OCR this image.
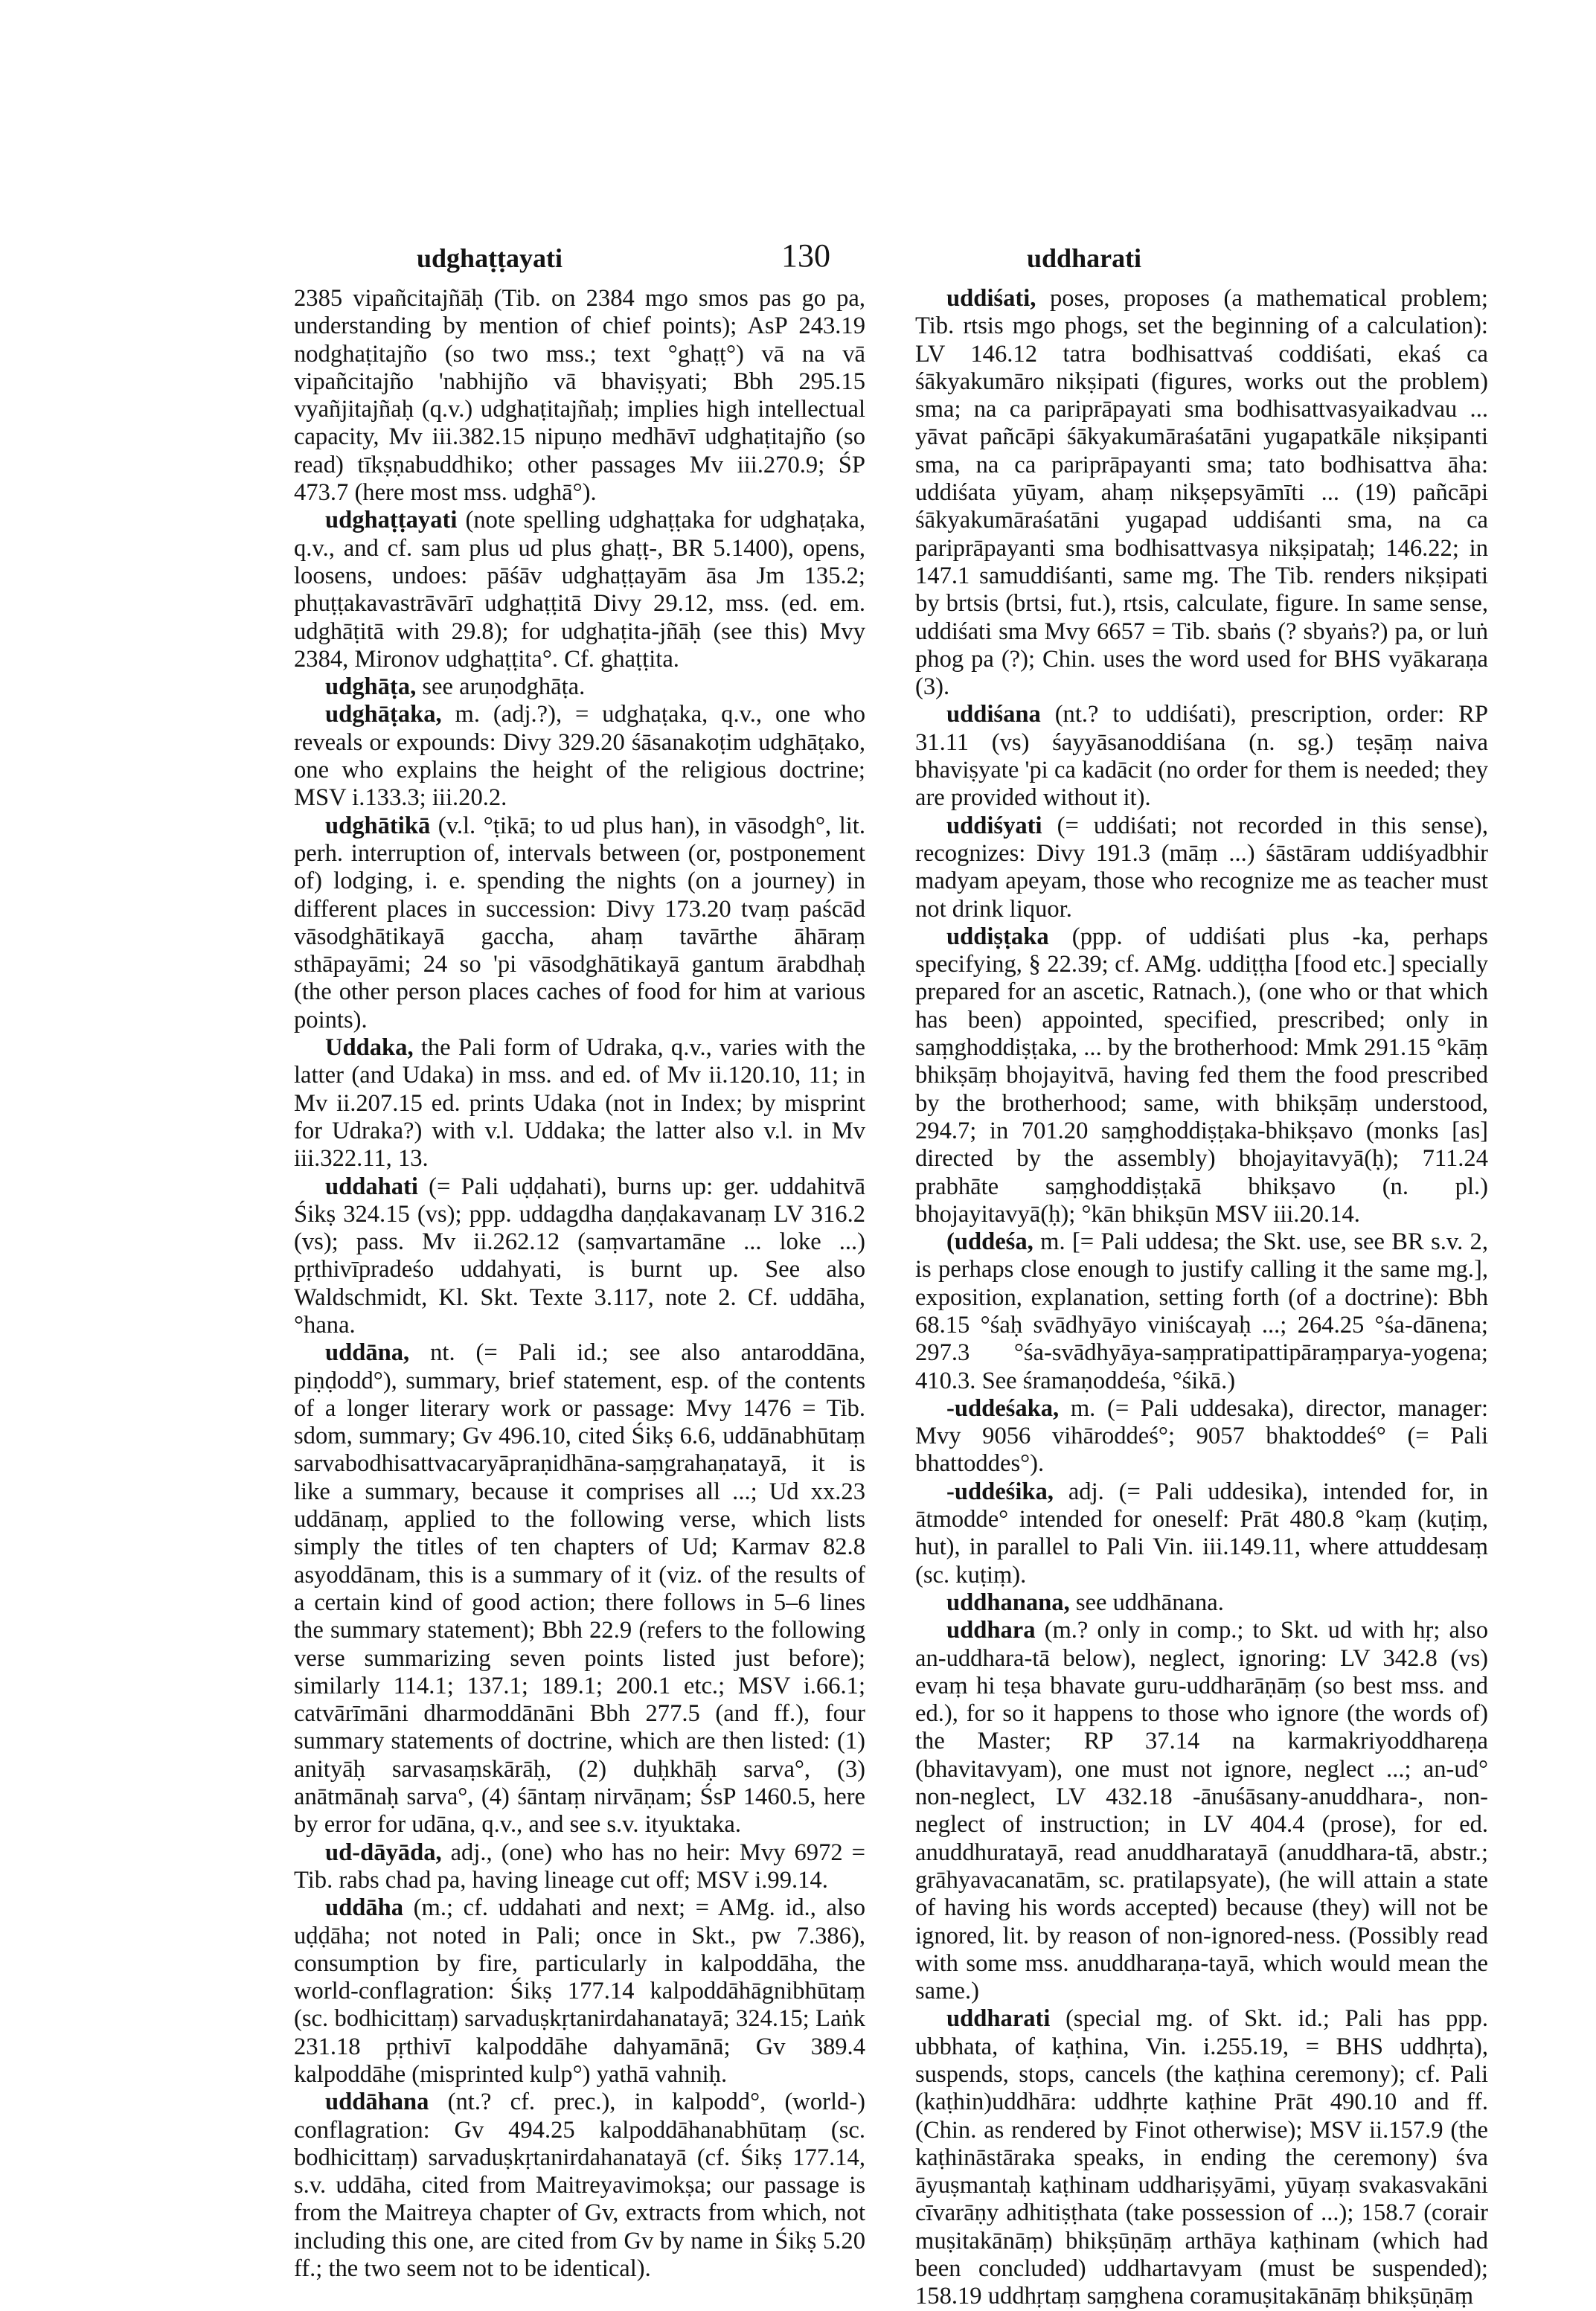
udghaṭṭayati	130	uddharati

2385 vipañcitajñāḥ (Tib. on 2384 mgo smos pas go pa, understanding by mention of chief points); AsP 243.19 nodghaṭitajño (so two mss.; text °ghaṭṭ°) vā na vā vipañcitajño 'nabhijño vā bhaviṣyati; Bbh 295.15 vyañjitajñaḥ (q.v.) udghaṭitajñaḥ; implies high intellectual capacity, Mv iii.382.15 nipuṇo medhāvī udghaṭitajño (so read) tīkṣṇabuddhiko; other passages Mv iii.270.9; ŚP 473.7 (here most mss. udghā°).

udghaṭṭayati (note spelling udghaṭṭaka for udghaṭaka, q.v., and cf. sam plus ud plus ghaṭṭ-, BR 5.1400), opens, loosens, undoes: pāśāv udghaṭṭayām āsa Jm 135.2; phuṭṭakavastrāvārī udghaṭṭitā Divy 29.12, mss. (ed. em. udghāṭitā with 29.8); for udghaṭita-jñāḥ (see this) Mvy 2384, Mironov udghaṭṭita°. Cf. ghaṭṭita.

udghāṭa, see aruṇodghāṭa.

udghāṭaka, m. (adj.?), = udghaṭaka, q.v., one who reveals or expounds: Divy 329.20 śāsanakoṭim udghāṭako, one who explains the height of the religious doctrine; MSV i.133.3; iii.20.2.

udghātikā (v.l. °ṭikā; to ud plus han), in vāsodgh°, lit. perh. interruption of, intervals between (or, postponement of) lodging, i. e. spending the nights (on a journey) in different places in succession: Divy 173.20 tvaṃ paścād vāsodghātikayā gaccha, ahaṃ tavārthe āhāraṃ sthāpayāmi; 24 so 'pi vāsodghātikayā gantum ārabdhaḥ (the other person places caches of food for him at various points).

Uddaka, the Pali form of Udraka, q.v., varies with the latter (and Udaka) in mss. and ed. of Mv ii.120.10, 11; in Mv ii.207.15 ed. prints Udaka (not in Index; by misprint for Udraka?) with v.l. Uddaka; the latter also v.l. in Mv iii.322.11, 13.

uddahati (= Pali uḍḍahati), burns up: ger. uddahitvā Śikṣ 324.15 (vs); ppp. uddagdha daṇḍakavanaṃ LV 316.2 (vs); pass. Mv ii.262.12 (saṃvartamāne ... loke ...) pṛthivīpradeśo uddahyati, is burnt up. See also Waldschmidt, Kl. Skt. Texte 3.117, note 2. Cf. uddāha, °hana.

uddāna, nt. (= Pali id.; see also antaroddāna, piṇḍodd°), summary, brief statement, esp. of the contents of a longer literary work or passage: Mvy 1476 = Tib. sdom, summary; Gv 496.10, cited Śikṣ 6.6, uddānabhūtaṃ sarvabodhisattvacaryāpraṇidhāna-saṃgrahaṇatayā, it is like a summary, because it comprises all ...; Ud xx.23 uddānaṃ, applied to the following verse, which lists simply the titles of ten chapters of Ud; Karmav 82.8 asyoddānam, this is a summary of it (viz. of the results of a certain kind of good action; there follows in 5–6 lines the summary statement); Bbh 22.9 (refers to the following verse summarizing seven points listed just before); similarly 114.1; 137.1; 189.1; 200.1 etc.; MSV i.66.1; catvārīmāni dharmoddānāni Bbh 277.5 (and ff.), four summary statements of doctrine, which are then listed: (1) anityāḥ sarvasaṃskārāḥ, (2) duḥkhāḥ sarva°, (3) anātmānaḥ sarva°, (4) śāntaṃ nirvāṇam; ŚsP 1460.5, here by error for udāna, q.v., and see s.v. ityuktaka.

ud-dāyāda, adj., (one) who has no heir: Mvy 6972 = Tib. rabs chad pa, having lineage cut off; MSV i.99.14.

uddāha (m.; cf. uddahati and next; = AMg. id., also uḍḍāha; not noted in Pali; once in Skt., pw 7.386), consumption by fire, particularly in kalpoddāha, the world-conflagration: Śikṣ 177.14 kalpoddāhāgnibhūtaṃ (sc. bodhicittaṃ) sarvaduṣkṛtanirdahanatayā; 324.15; Laṅk 231.18 pṛthivī kalpoddāhe dahyamānā; Gv 389.4 kalpoddāhe (misprinted kulp°) yathā vahniḥ.

uddāhana (nt.? cf. prec.), in kalpodd°, (world-) conflagration: Gv 494.25 kalpoddāhanabhūtaṃ (sc. bodhicittaṃ) sarvaduṣkṛtanirdahanatayā (cf. Śikṣ 177.14, s.v. uddāha, cited from Maitreyavimokṣa; our passage is from the Maitreya chapter of Gv, extracts from which, not including this one, are cited from Gv by name in Śikṣ 5.20 ff.; the two seem not to be identical).

uddiśati, poses, proposes (a mathematical problem; Tib. rtsis mgo phogs, set the beginning of a calculation): LV 146.12 tatra bodhisattvaś coddiśati, ekaś ca śākyakumāro nikṣipati (figures, works out the problem) sma; na ca pariprāpayati sma bodhisattvasyaikadvau ... yāvat pañcāpi śākyakumāraśatāni yugapatkāle nikṣipanti sma, na ca pariprāpayanti sma; tato bodhisattva āha: uddiśata yūyam, ahaṃ nikṣepsyāmīti ... (19) pañcāpi śākyakumāraśatāni yugapad uddiśanti sma, na ca pariprāpayanti sma bodhisattvasya nikṣipataḥ; 146.22; in 147.1 samuddiśanti, same mg. The Tib. renders nikṣipati by brtsis (brtsi, fut.), rtsis, calculate, figure. In same sense, uddiśati sma Mvy 6657 = Tib. sbaṅs (? sbyaṅs?) pa, or luṅ phog pa (?); Chin. uses the word used for BHS vyākaraṇa (3).

uddiśana (nt.? to uddiśati), prescription, order: RP 31.11 (vs) śayyāsanoddiśana (n. sg.) teṣāṃ naiva bhaviṣyate 'pi ca kadācit (no order for them is needed; they are provided without it).

uddiśyati (= uddiśati; not recorded in this sense), recognizes: Divy 191.3 (māṃ ...) śāstāram uddiśyadbhir madyam apeyam, those who recognize me as teacher must not drink liquor.

uddiṣṭaka (ppp. of uddiśati plus -ka, perhaps specifying, § 22.39; cf. AMg. uddiṭṭha [food etc.] specially prepared for an ascetic, Ratnach.), (one who or that which has been) appointed, specified, prescribed; only in saṃghoddiṣṭaka, ... by the brotherhood: Mmk 291.15 °kāṃ bhikṣāṃ bhojayitvā, having fed them the food prescribed by the brotherhood; same, with bhikṣāṃ understood, 294.7; in 701.20 saṃghoddiṣṭaka-bhikṣavo (monks [as] directed by the assembly) bhojayitavyā(ḥ); 711.24 prabhāte saṃghoddiṣṭakā bhikṣavo (n. pl.) bhojayitavyā(ḥ); °kān bhikṣūn MSV iii.20.14.

(uddeśa, m. [= Pali uddesa; the Skt. use, see BR s.v. 2, is perhaps close enough to justify calling it the same mg.], exposition, explanation, setting forth (of a doctrine): Bbh 68.15 °śaḥ svādhyāyo viniścayaḥ ...; 264.25 °śa-dānena; 297.3 °śa-svādhyāya-saṃpratipattipāraṃparya-yogena; 410.3. See śramaṇoddeśa, °śikā.)

-uddeśaka, m. (= Pali uddesaka), director, manager: Mvy 9056 vihāroddeś°; 9057 bhaktoddeś° (= Pali bhattoddes°).

-uddeśika, adj. (= Pali uddesika), intended for, in ātmodde° intended for oneself: Prāt 480.8 °kaṃ (kuṭiṃ, hut), in parallel to Pali Vin. iii.149.11, where attuddesaṃ (sc. kuṭiṃ).

uddhanana, see uddhānana.

uddhara (m.? only in comp.; to Skt. ud with hṛ; also an-uddhara-tā below), neglect, ignoring: LV 342.8 (vs) evaṃ hi teṣa bhavate guru-uddharāṇāṃ (so best mss. and ed.), for so it happens to those who ignore (the words of) the Master; RP 37.14 na karmakriyoddhareṇa (bhavitavyam), one must not ignore, neglect ...; an-ud° non-neglect, LV 432.18 -ānuśāsany-anuddhara-, non-neglect of instruction; in LV 404.4 (prose), for ed. anuddhuratayā, read anuddharatayā (anuddhara-tā, abstr.; grāhyavacanatām, sc. pratilapsyate), (he will attain a state of having his words accepted) because (they) will not be ignored, lit. by reason of non-ignored-ness. (Possibly read with some mss. anuddharaṇa-tayā, which would mean the same.)

uddharati (special mg. of Skt. id.; Pali has ppp. ubbhata, of kaṭhina, Vin. i.255.19, = BHS uddhṛta), suspends, stops, cancels (the kaṭhina ceremony); cf. Pali (kaṭhin)uddhāra: uddhṛte kaṭhine Prāt 490.10 and ff. (Chin. as rendered by Finot otherwise); MSV ii.157.9 (the kaṭhināstāraka speaks, in ending the ceremony) śva āyuṣmantaḥ kaṭhinam uddhariṣyāmi, yūyaṃ svakasvakāni cīvarāṇy adhitiṣṭhata (take possession of ...); 158.7 (corair muṣitakānāṃ) bhikṣūṇāṃ arthāya kaṭhinam (which had been concluded) uddhartavyam (must be suspended); 158.19 uddhṛtaṃ saṃghena coramuṣitakānāṃ bhikṣūṇāṃ
